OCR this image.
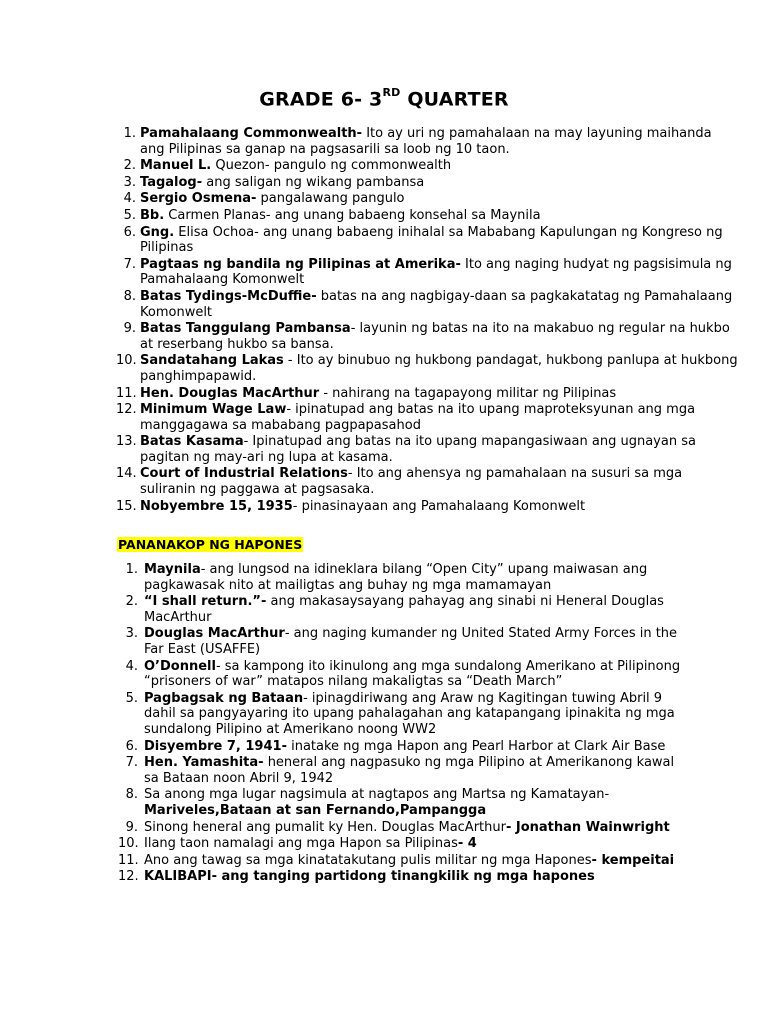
GRADE 6- 3RD QUARTER
1. Pamahalaang Commonwealth- Ito ay uri ng pamahalaan na may layuning maihanda ang Pilipinas sa ganap na pagsasarili sa loob ng 10 taon.
2. Manuel L. Quezon- pangulo ng commonwealth
3. Tagalog- ang saligan ng wikang pambansa
4. Sergio Osmena- pangalawang pangulo
5. Bb. Carmen Planas- ang unang babaeng konsehal sa Maynila
6. Gng. Elisa Ochoa- ang unang babaeng inihalal sa Mababang Kapulungan ng Kongreso ng Pilipinas
7. Pagtaas ng bandila ng Pilipinas at Amerika- Ito ang naging hudyat ng pagsisimula ng Pamahalaang Komonwelt
8. Batas Tydings-McDuffie- batas na ang nagbigay-daan sa pagkakatatag ng Pamahalaang Komonwelt
9. Batas Tanggulang Pambansa- layunin ng batas na ito na makabuo ng regular na hukbo at reserbang hukbo sa bansa.
10. Sandatahang Lakas - Ito ay binubuo ng hukbong pandagat, hukbong panlupa at hukbong panghimpapawid.
11. Hen. Douglas MacArthur - nahirang na tagapayong militar ng Pilipinas
12. Minimum Wage Law- ipinatupad ang batas na ito upang maproteksyunan ang mga manggagawa sa mababang pagpapasahod
13. Batas Kasama- Ipinatupad ang batas na ito upang mapangasiwaan ang ugnayan sa pagitan ng may-ari ng lupa at kasama.
14. Court of Industrial Relations- Ito ang ahensya ng pamahalaan na susuri sa mga suliranin ng paggawa at pagsasaka.
15. Nobyembre 15, 1935- pinasinayaan ang Pamahalaang Komonwelt
PANANAKOP NG HAPONES
1. Maynila- ang lungsod na idineklara bilang “Open City” upang maiwasan ang pagkawasak nito at mailigtas ang buhay ng mga mamamayan
2. “I shall return.”- ang makasaysayang pahayag ang sinabi ni Heneral Douglas MacArthur
3. Douglas MacArthur- ang naging kumander ng United Stated Army Forces in the Far East (USAFFE)
4. O’Donnell- sa kampong ito ikinulong ang mga sundalong Amerikano at Pilipinong “prisoners of war” matapos nilang makaligtas sa “Death March”
5. Pagbagsak ng Bataan- ipinagdiriwang ang Araw ng Kagitingan tuwing Abril 9 dahil sa pangyayaring ito upang pahalagahan ang katapangang ipinakita ng mga sundalong Pilipino at Amerikano noong WW2
6. Disyembre 7, 1941- inatake ng mga Hapon ang Pearl Harbor at Clark Air Base
7. Hen. Yamashita- heneral ang nagpasuko ng mga Pilipino at Amerikanong kawal sa Bataan noon Abril 9, 1942
8. Sa anong mga lugar nagsimula at nagtapos ang Martsa ng Kamatayan-Mariveles,Bataan at san Fernando,Pampangga
9. Sinong heneral ang pumalit ky Hen. Douglas MacArthur- Jonathan Wainwright
10. Ilang taon namalagi ang mga Hapon sa Pilipinas- 4
11. Ano ang tawag sa mga kinatatakutang pulis militar ng mga Hapones- kempeitai
12. KALIBAPI- ang tanging partidong tinangkilik ng mga hapones
